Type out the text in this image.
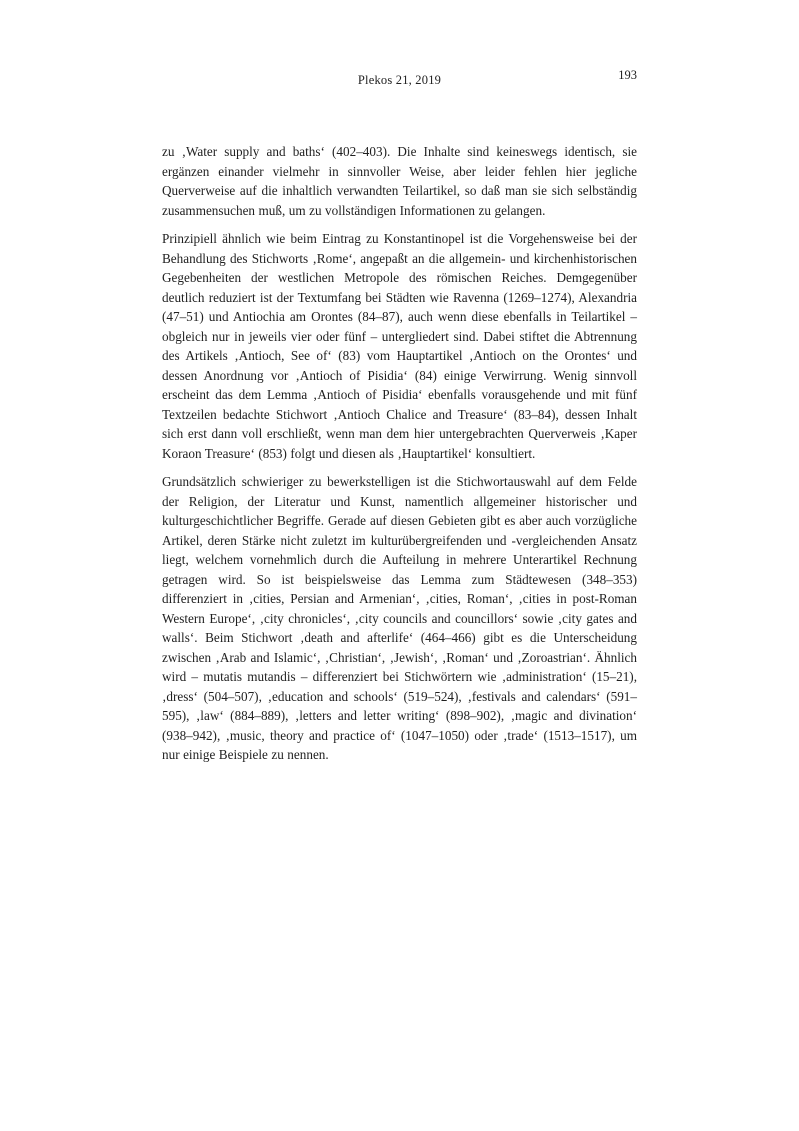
Plekos 21, 2019	193

zu ‚Water supply and baths‘ (402–403). Die Inhalte sind keineswegs identisch, sie ergänzen einander vielmehr in sinnvoller Weise, aber leider fehlen hier jegliche Querverweise auf die inhaltlich verwandten Teilartikel, so daß man sie sich selbständig zusammensuchen muß, um zu vollständigen Informationen zu gelangen.

Prinzipiell ähnlich wie beim Eintrag zu Konstantinopel ist die Vorgehensweise bei der Behandlung des Stichworts ‚Rome‘, angepaßt an die allgemein- und kirchenhistorischen Gegebenheiten der westlichen Metropole des römischen Reiches. Demgegenüber deutlich reduziert ist der Textumfang bei Städten wie Ravenna (1269–1274), Alexandria (47–51) und Antiochia am Orontes (84–87), auch wenn diese ebenfalls in Teilartikel – obgleich nur in jeweils vier oder fünf – untergliedert sind. Dabei stiftet die Abtrennung des Artikels ‚Antioch, See of‘ (83) vom Hauptartikel ‚Antioch on the Orontes‘ und dessen Anordnung vor ‚Antioch of Pisidia‘ (84) einige Verwirrung. Wenig sinnvoll erscheint das dem Lemma ‚Antioch of Pisidia‘ ebenfalls vorausgehende und mit fünf Textzeilen bedachte Stichwort ‚Antioch Chalice and Treasure‘ (83–84), dessen Inhalt sich erst dann voll erschließt, wenn man dem hier untergebrachten Querverweis ‚Kaper Koraon Treasure‘ (853) folgt und diesen als ‚Hauptartikel‘ konsultiert.

Grundsätzlich schwieriger zu bewerkstelligen ist die Stichwortauswahl auf dem Felde der Religion, der Literatur und Kunst, namentlich allgemeiner historischer und kulturgeschichtlicher Begriffe. Gerade auf diesen Gebieten gibt es aber auch vorzügliche Artikel, deren Stärke nicht zuletzt im kulturübergreifenden und -vergleichenden Ansatz liegt, welchem vornehmlich durch die Aufteilung in mehrere Unterartikel Rechnung getragen wird. So ist beispielsweise das Lemma zum Städtewesen (348–353) differenziert in ‚cities, Persian and Armenian‘, ‚cities, Roman‘, ‚cities in post-Roman Western Europe‘, ‚city chronicles‘, ‚city councils and councillors‘ sowie ‚city gates and walls‘. Beim Stichwort ‚death and afterlife‘ (464–466) gibt es die Unterscheidung zwischen ‚Arab and Islamic‘, ‚Christian‘, ‚Jewish‘, ‚Roman‘ und ‚Zoroastrian‘. Ähnlich wird – mutatis mutandis – differenziert bei Stichwörtern wie ‚administration‘ (15–21), ‚dress‘ (504–507), ‚education and schools‘ (519–524), ‚festivals and calendars‘ (591–595), ‚law‘ (884–889), ‚letters and letter writing‘ (898–902), ‚magic and divination‘ (938–942), ‚music, theory and practice of‘ (1047–1050) oder ‚trade‘ (1513–1517), um nur einige Beispiele zu nennen.
